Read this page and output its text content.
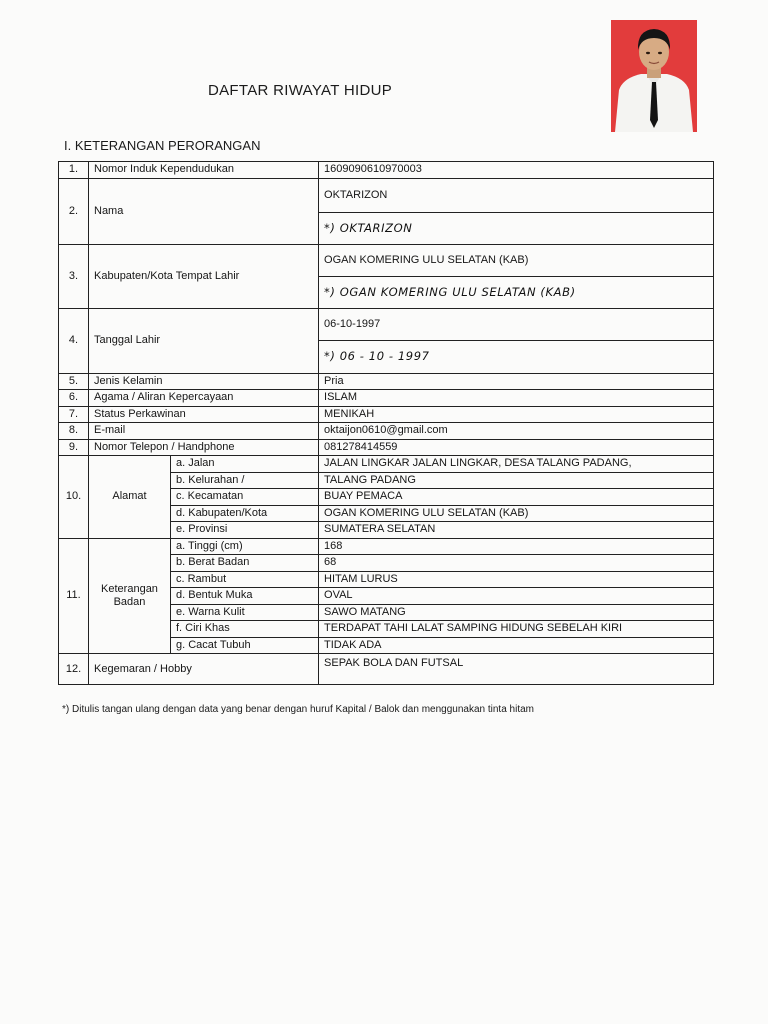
DAFTAR RIWAYAT HIDUP
I. KETERANGAN PERORANGAN
1.	Nomor Induk Kependudukan		1609090610970003
2.	Nama		OKTARIZON
			*) OKTARIZON
3.	Kabupaten/Kota Tempat Lahir		OGAN KOMERING ULU SELATAN (KAB)
			*) OGAN KOMERING ULU SELATAN (KAB)
4.	Tanggal Lahir		06-10-1997
			*) 06 - 10 - 1997
5.	Jenis Kelamin		Pria
6.	Agama / Aliran Kepercayaan		ISLAM
7.	Status Perkawinan		MENIKAH
8.	E-mail		oktaijon0610@gmail.com
9.	Nomor Telepon / Handphone		081278414559
10.	Alamat	a. Jalan	JALAN LINGKAR JALAN LINGKAR, DESA TALANG PADANG,
		b. Kelurahan /	TALANG PADANG
		c. Kecamatan	BUAY PEMACA
		d. Kabupaten/Kota	OGAN KOMERING ULU SELATAN (KAB)
		e. Provinsi	SUMATERA SELATAN
11.	Keterangan
Badan	a. Tinggi (cm)	168
		b. Berat Badan	68
		c. Rambut	HITAM LURUS
		d. Bentuk Muka	OVAL
		e. Warna Kulit	SAWO MATANG
		f. Ciri Khas	TERDAPAT TAHI LALAT SAMPING HIDUNG SEBELAH KIRI
		g. Cacat Tubuh	TIDAK ADA
12.	Kegemaran / Hobby		SEPAK BOLA DAN FUTSAL
*) Ditulis tangan ulang dengan data yang benar dengan huruf Kapital / Balok dan menggunakan tinta hitam
